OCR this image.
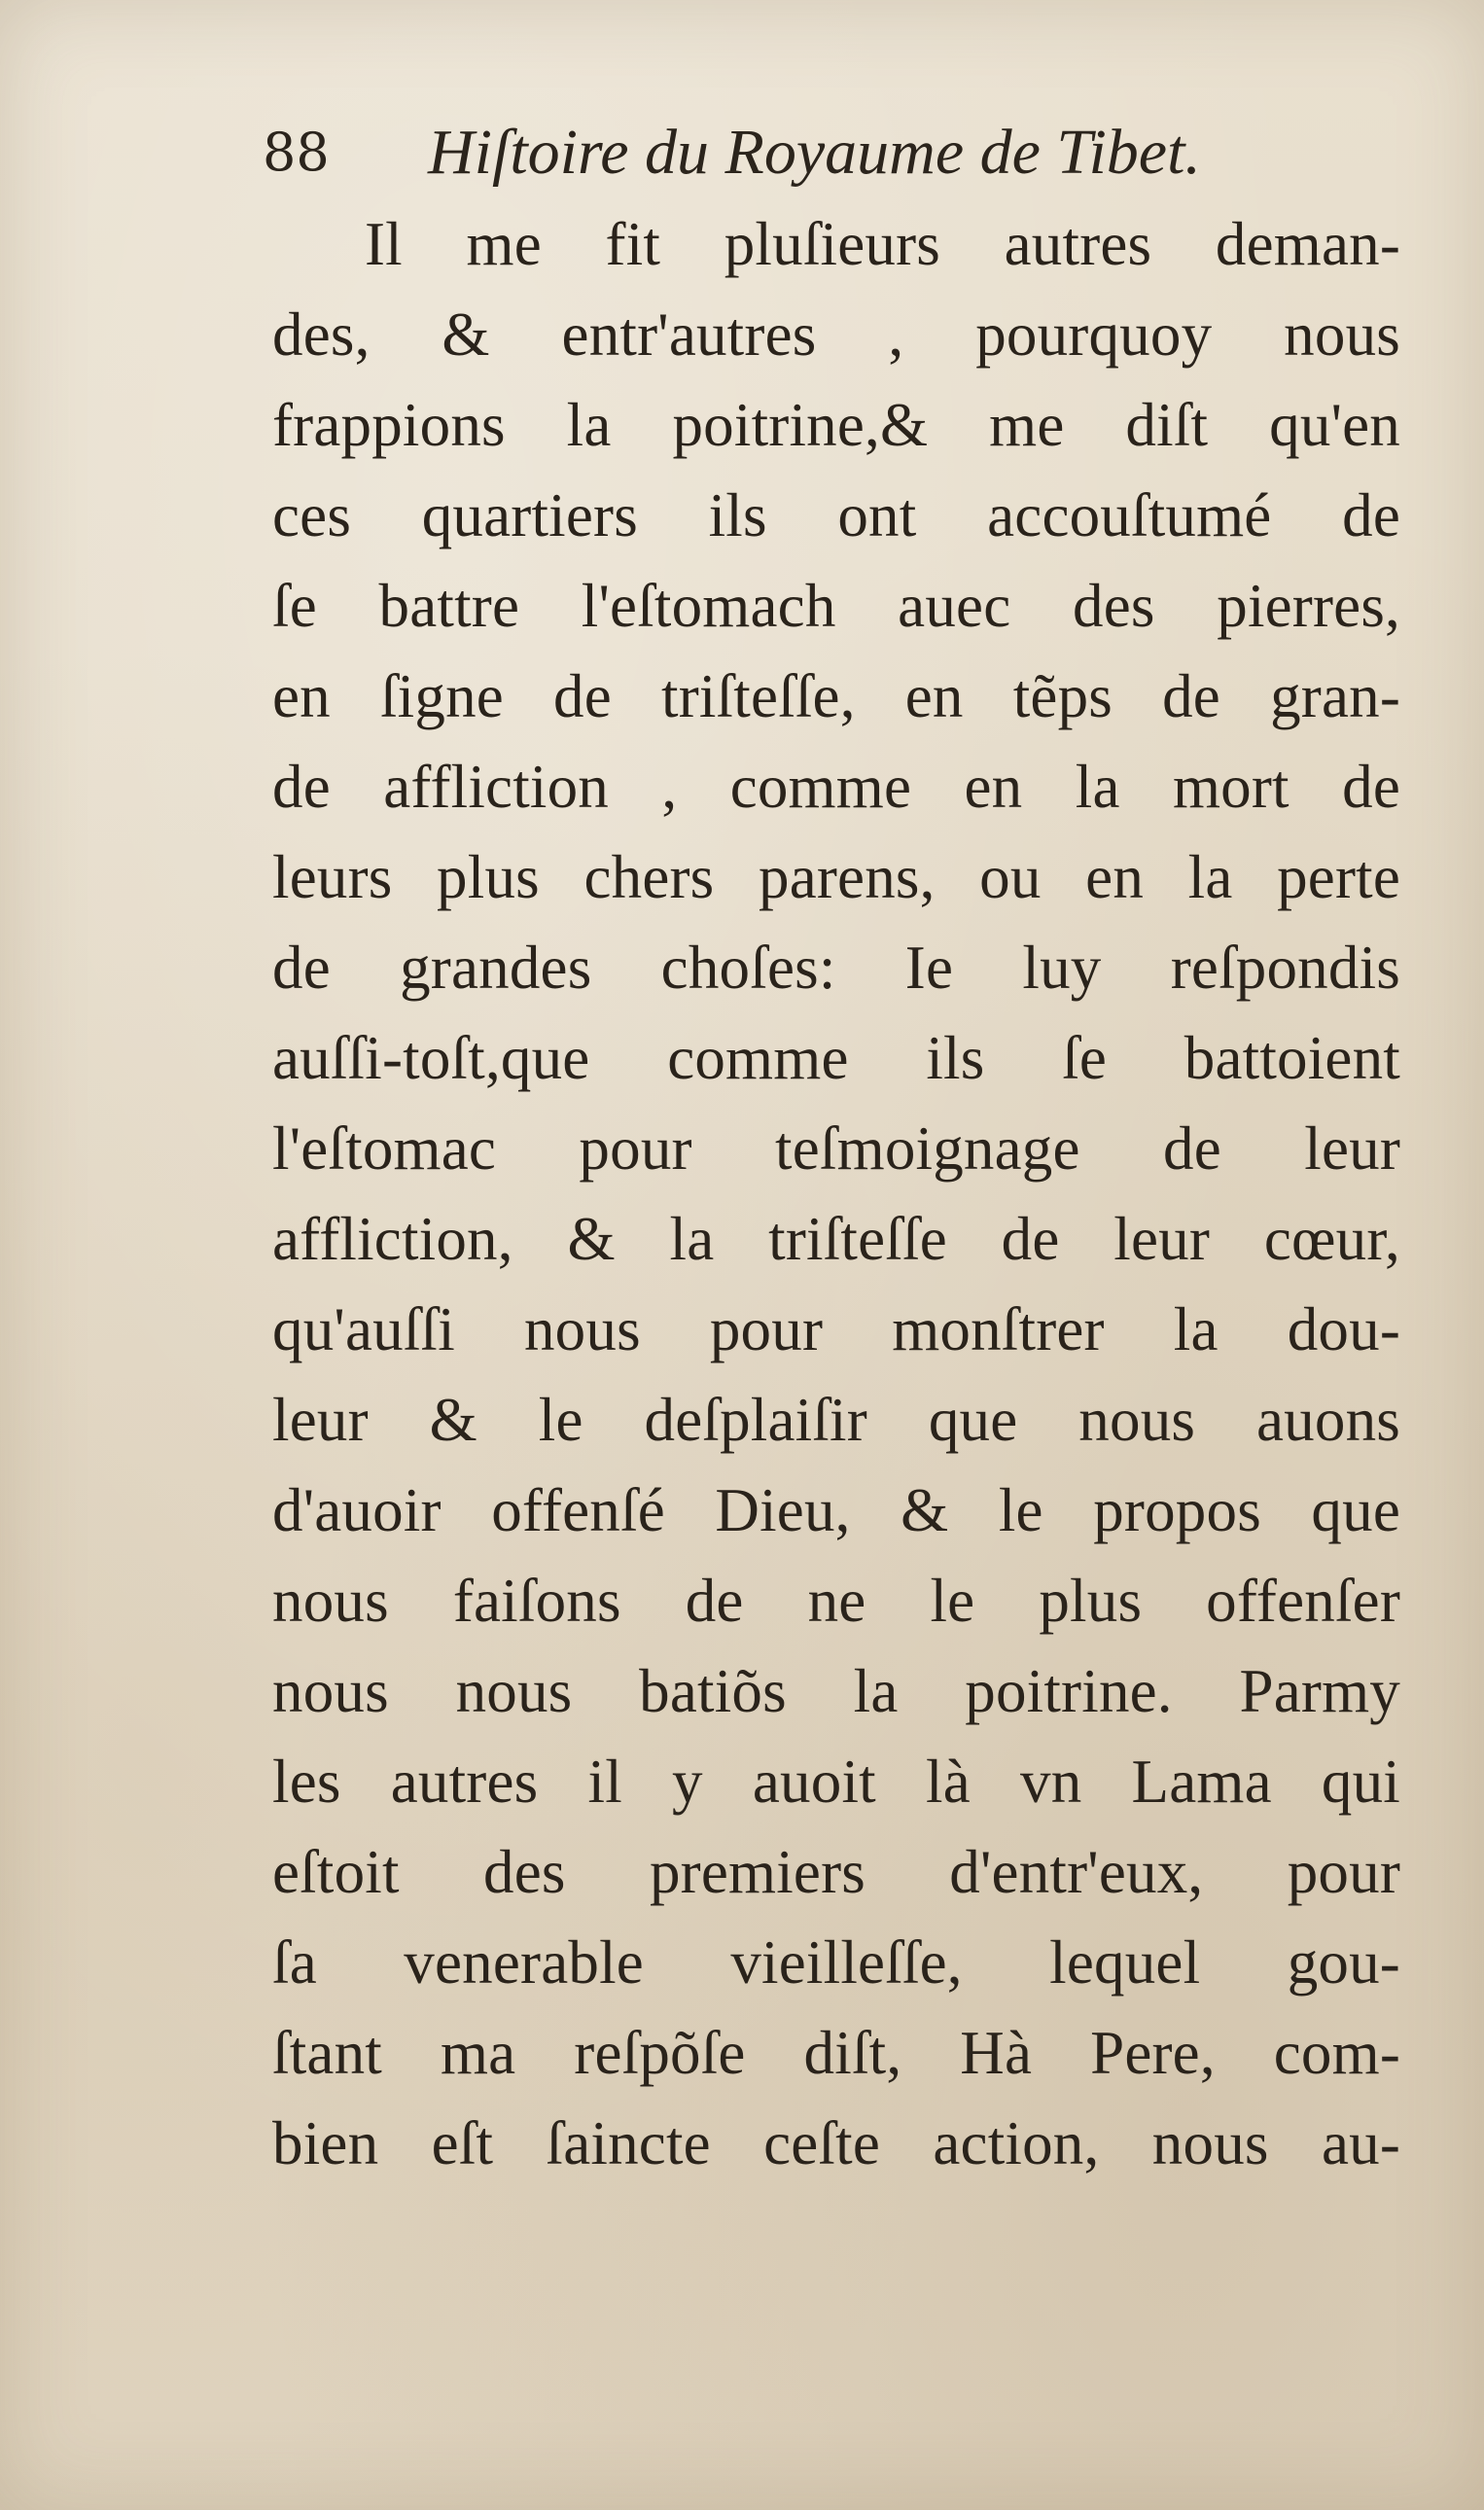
88 Hiſtoire du Royaume de Tibet.
Il me fit pluſieurs autres deman-
des, & entr'autres , pourquoy nous
frappions la poitrine,& me diſt qu'en
ces quartiers ils ont accouſtumé de
ſe battre l'eſtomach auec des pierres,
en ſigne de triſteſſe, en tẽps de gran-
de affliction , comme en la mort de
leurs plus chers parens, ou en la perte
de grandes choſes: Ie luy reſpondis
auſſi-toſt,que comme ils ſe battoient
l'eſtomac pour teſmoignage de leur
affliction, & la triſteſſe de leur cœur,
qu'auſſi nous pour monſtrer la dou-
leur & le deſplaiſir que nous auons
d'auoir offenſé Dieu, & le propos que
nous faiſons de ne le plus offenſer
nous nous batiõs la poitrine. Parmy
les autres il y auoit là vn Lama qui
eſtoit des premiers d'entr'eux, pour
ſa venerable vieilleſſe, lequel gou-
ſtant ma reſpõſe diſt, Hà Pere, com-
bien eſt ſaincte ceſte action, nous au-
